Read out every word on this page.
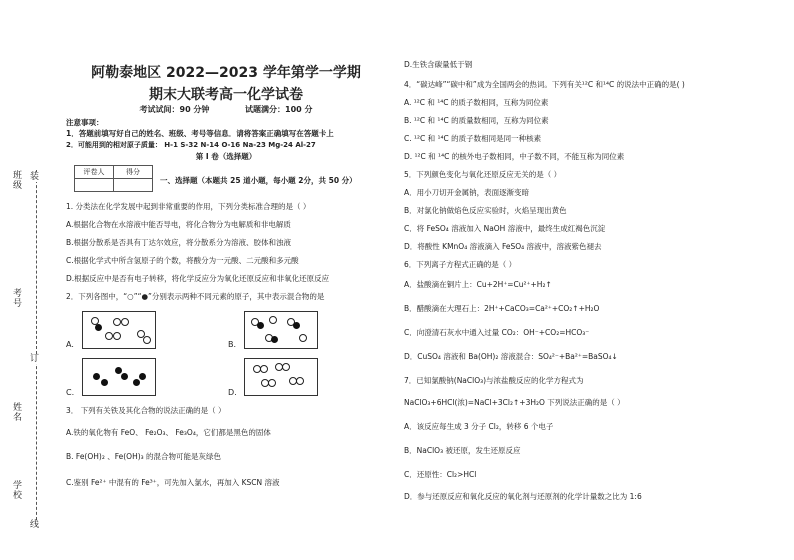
班级
考号
姓名
学校
装
订
线
阿勒泰地区 2022—2023 学年第学一学期
期末大联考高一化学试卷
考试试间：90 分钟	试题满分：100 分
注意事项：
1．答题前填写好自己的姓名、班级、考号等信息．请将答案正确填写在答题卡上
2．可能用到的相对原子质量： H-1 S-32 N-14 O-16 Na-23 Mg-24 Al-27
第 I 卷（选择题）
评卷人	得分

一、选择题（本题共 25 道小题，每小题 2分，共 50 分）
1. 分类法在化学发展中起到非常重要的作用，下列分类标准合理的是（ ）
A.根据化合物在水溶液中能否导电，将化合物分为电解质和非电解质
B.根据分散系是否具有丁达尔效应，将分散系分为溶液、胶体和浊液
C.根据化学式中所含氢原子的个数，将酸分为一元酸、二元酸和多元酸
D.根据反应中是否有电子转移，将化学反应分为氧化还原反应和非氧化还原反应
2．下列各图中，“○”“●”分别表示两种不同元素的原子，其中表示混合物的是
A.	B.
C.	D.
3． 下列有关铁及其化合物的说法正确的是（ ）
A.铁的氧化物有 FeO、 Fe₂O₃、 Fe₃O₄，它们都是黑色的固体
B. Fe(OH)₂ 、Fe(OH)₃ 的混合物可能是灰绿色
C.鉴别 Fe²⁺ 中混有的 Fe³⁺，可先加入氯水，再加入 KSCN 溶液
D.生铁含碳量低于钢
4．“碳达峰”“碳中和”成为全国两会的热词。下列有关¹²C 和¹⁴C 的说法中正确的是( )
A. ¹²C 和 ¹⁴C 的质子数相同，互称为同位素
B. ¹²C 和 ¹⁴C 的质量数相同，互称为同位素
C. ¹²C 和 ¹⁴C 的质子数相同是同一种核素
D. ¹²C 和 ¹⁴C 的核外电子数相同，中子数不同，不能互称为同位素
5．下列颜色变化与氧化还原反应无关的是（ ）
A．用小刀切开金属钠，表面逐渐变暗
B．对氯化钠做焰色反应实验时，火焰呈现出黄色
C．将 FeSO₄ 溶液加入 NaOH 溶液中，最终生成红褐色沉淀
D．将酸性 KMnO₄ 溶液滴入 FeSO₄ 溶液中，溶液紫色褪去
6．下列离子方程式正确的是（ ）
A．盐酸滴在铜片上：Cu+2H⁺=Cu²⁺+H₂↑
B．醋酸滴在大理石上：2H⁺+CaCO₃=Ca²⁺+CO₂↑+H₂O
C．向澄清石灰水中通入过量 CO₂：OH⁻+CO₂=HCO₃⁻
D．CuSO₄ 溶液和 Ba(OH)₂ 溶液混合：SO₄²⁻+Ba²⁺=BaSO₄↓
7．已知氯酸钠(NaClO₃)与浓盐酸反应的化学方程式为
NaClO₃+6HCl(浓)=NaCl+3Cl₂↑+3H₂O 下列说法正确的是（ ）
A．该反应每生成 3 分子 Cl₂，转移 6 个电子
B．NaClO₃ 被还原，发生还原反应
C．还原性：Cl₂>HCl
D．参与还原反应和氧化反应的氧化剂与还原剂的化学计量数之比为 1:6
